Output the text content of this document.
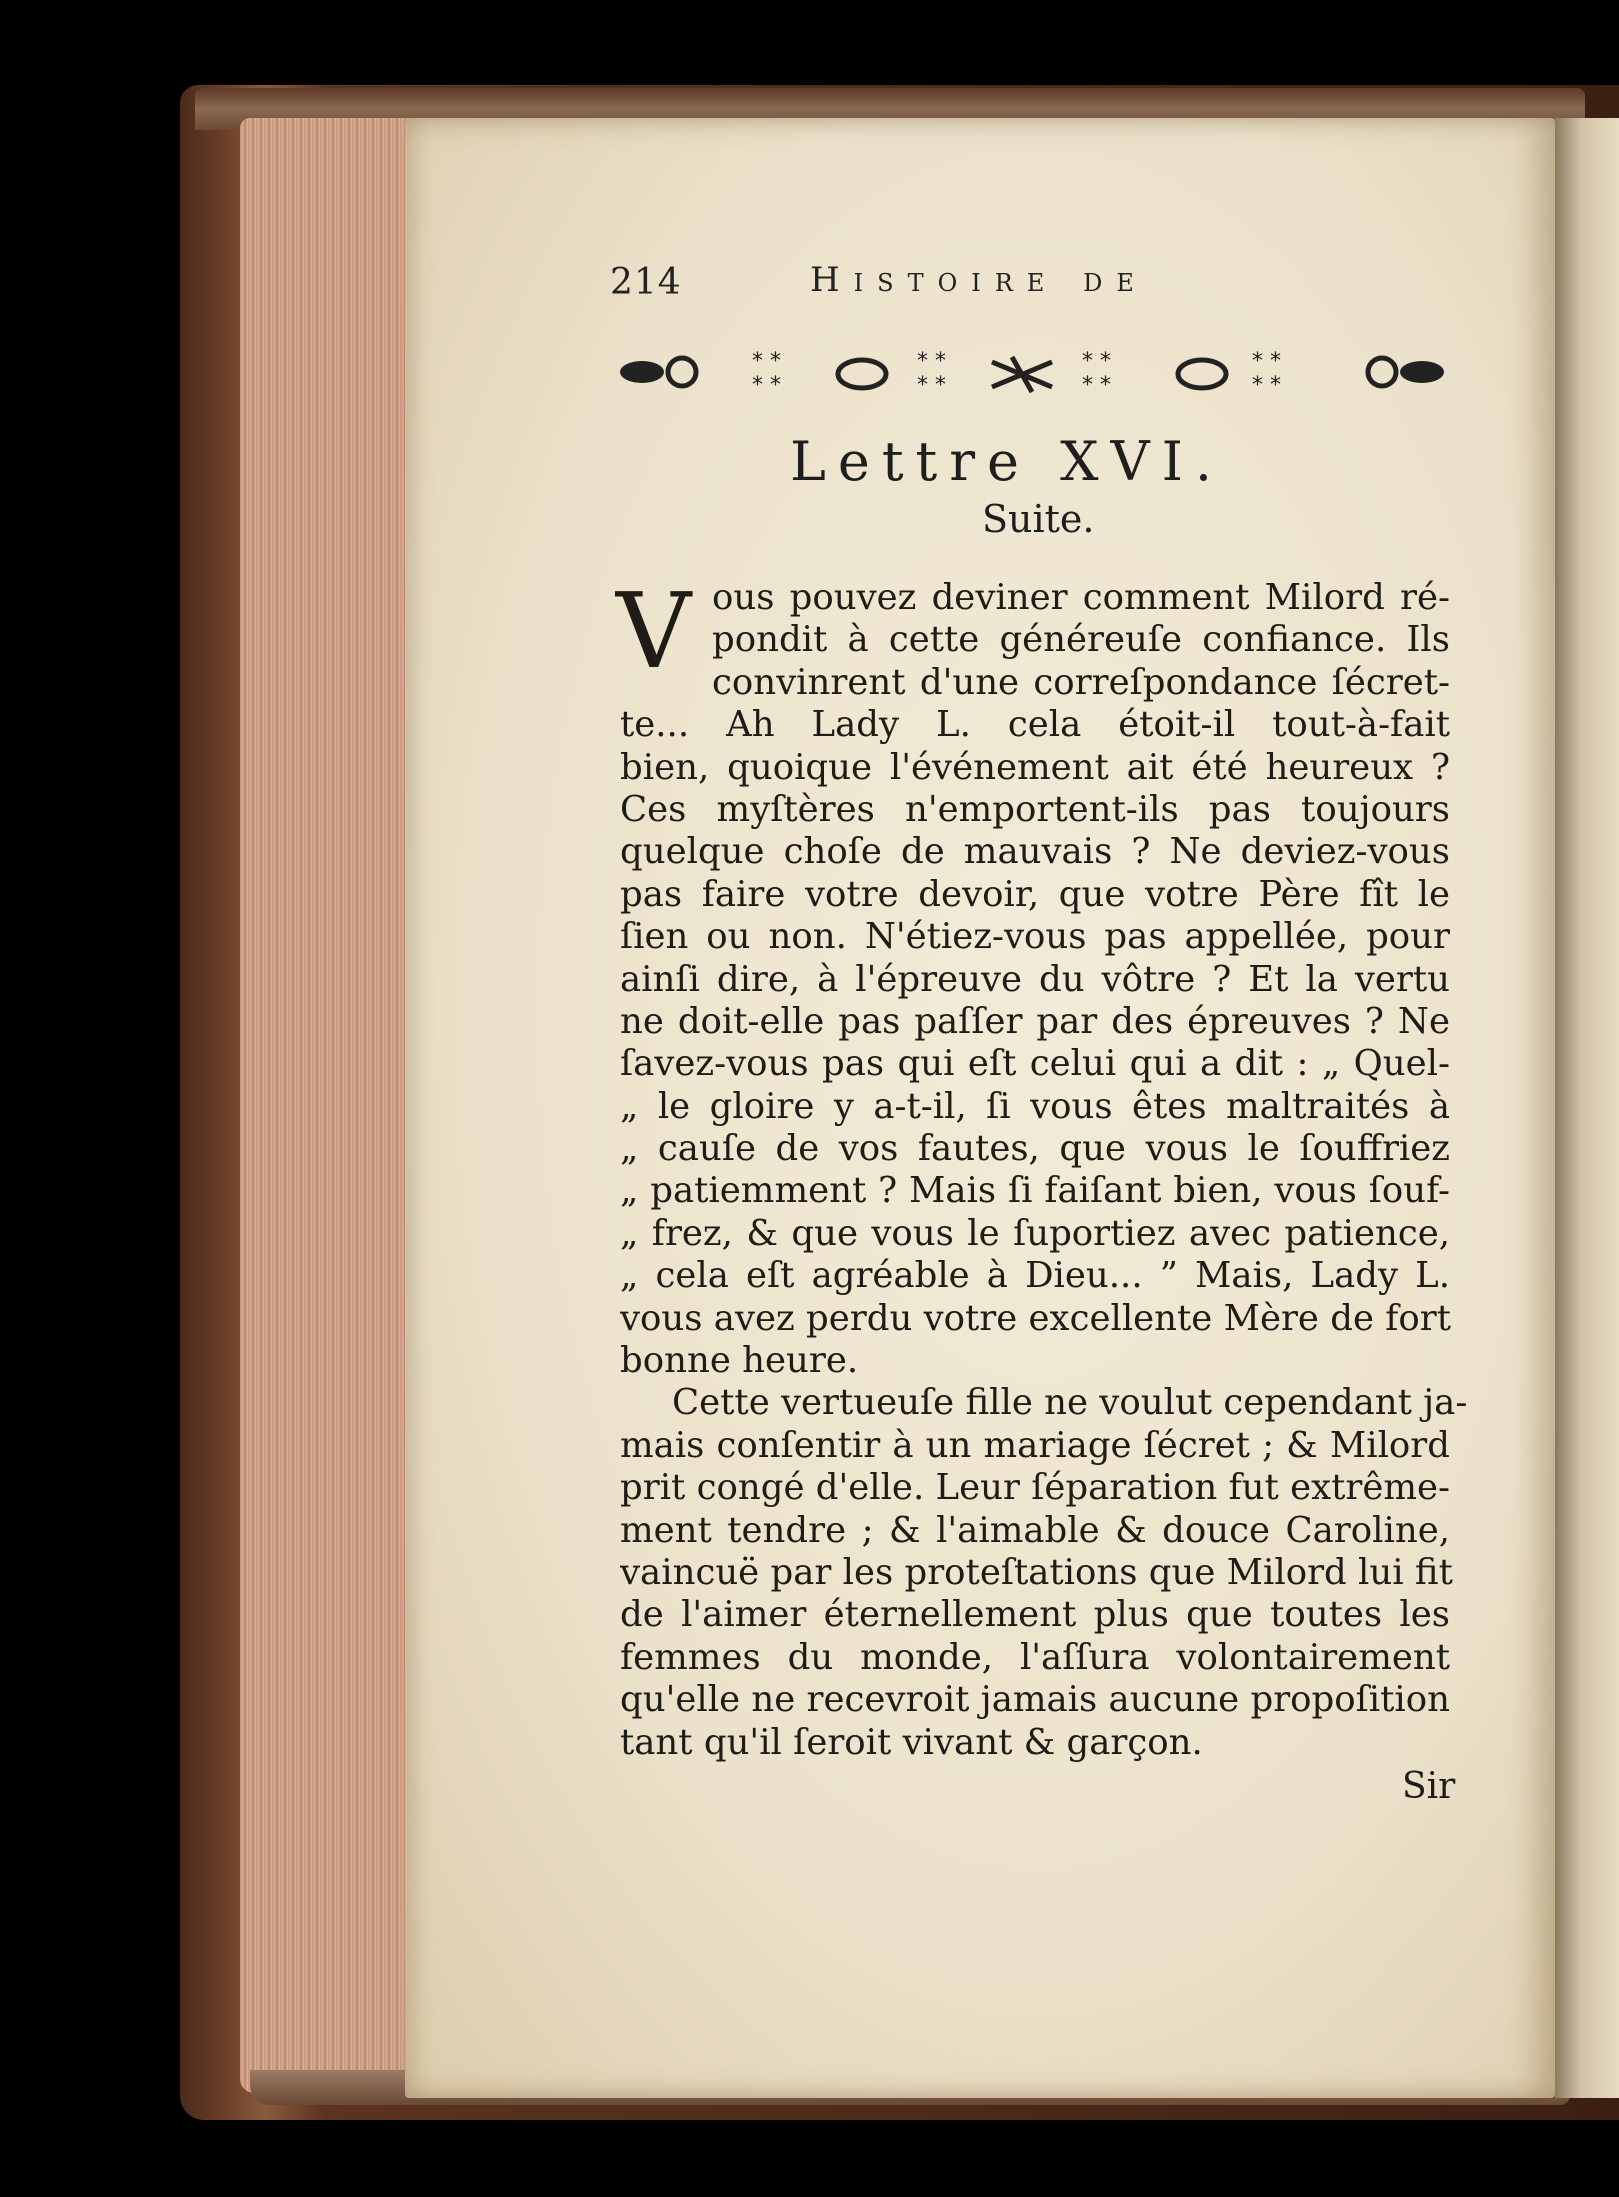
214	Histoire de
* *
* *
* *
* *
* *
* *
* *
* *
Lettre XVI.
Suite.
V ous pouvez deviner comment Milord ré-
pondit à cette généreuſe confiance. Ils
convinrent d'une correſpondance ſécret-
te... Ah Lady L. cela étoit-il tout-à-fait
bien, quoique l'événement ait été heureux ?
Ces myſtères n'emportent-ils pas toujours
quelque choſe de mauvais ? Ne deviez-vous
pas faire votre devoir, que votre Père fît le
ſien ou non. N'étiez-vous pas appellée, pour
ainſi dire, à l'épreuve du vôtre ? Et la vertu
ne doit-elle pas paſſer par des épreuves ? Ne
ſavez-vous pas qui eſt celui qui a dit : „ Quel-
„ le gloire y a-t-il, ſi vous êtes maltraités à
„ cauſe de vos fautes, que vous le ſouffriez
„ patiemment ? Mais ſi faiſant bien, vous ſouf-
„ frez, & que vous le ſuportiez avec patience,
„ cela eſt agréable à Dieu... ” Mais, Lady L.
vous avez perdu votre excellente Mère de fort
bonne heure.
Cette vertueuſe fille ne voulut cependant ja-
mais conſentir à un mariage ſécret ; & Milord
prit congé d'elle. Leur ſéparation fut extrême-
ment tendre ; & l'aimable & douce Caroline,
vaincuë par les proteſtations que Milord lui fit
de l'aimer éternellement plus que toutes les
femmes du monde, l'aſſura volontairement
qu'elle ne recevroit jamais aucune propoſition
tant qu'il ſeroit vivant & garçon.
Sir
